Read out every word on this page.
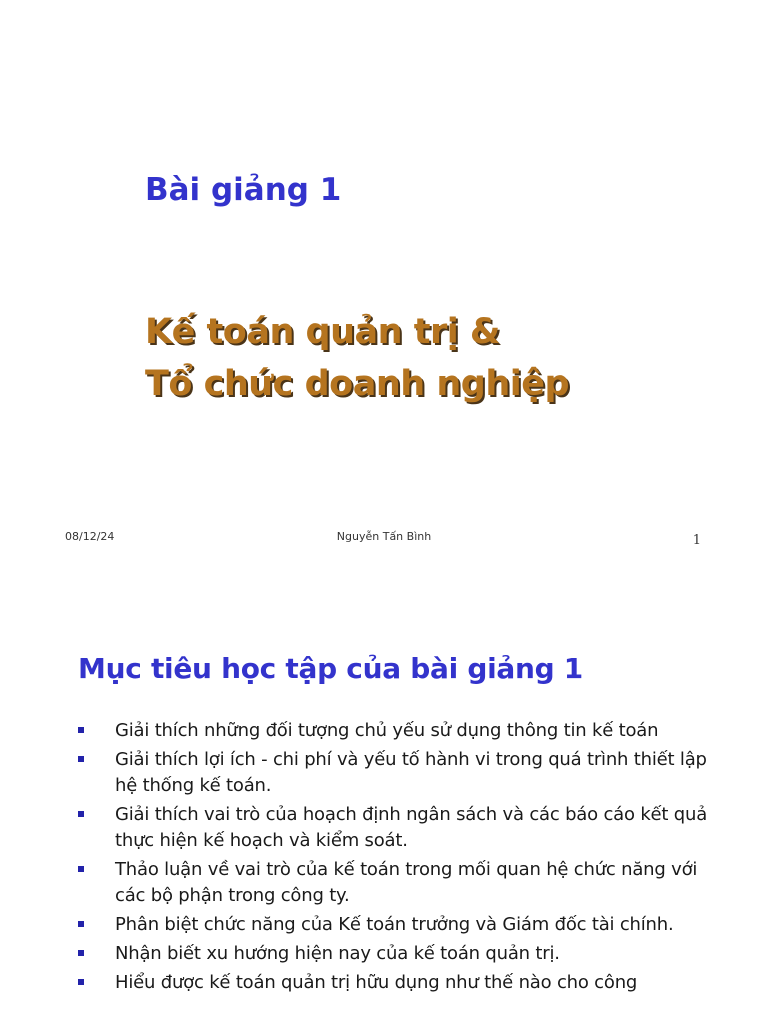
Bài giảng 1
Kế toán quản trị &
Tổ chức doanh nghiệp
08/12/24	Nguyễn Tấn Bình	1
Mục tiêu học tập của bài giảng 1
Giải thích những đối tượng chủ yếu sử dụng thông tin kế toán
Giải thích lợi ích - chi phí và yếu tố hành vi trong quá trình thiết lập hệ thống kế toán.
Giải thích vai trò của hoạch định ngân sách và các báo cáo kết quả thực hiện kế hoạch và kiểm soát.
Thảo luận về vai trò của kế toán trong mối quan hệ chức năng với các bộ phận trong công ty.
Phân biệt chức năng của Kế toán trưởng và Giám đốc tài chính.
Nhận biết xu hướng hiện nay của kế toán quản trị.
Hiểu được kế toán quản trị hữu dụng như thế nào cho công
